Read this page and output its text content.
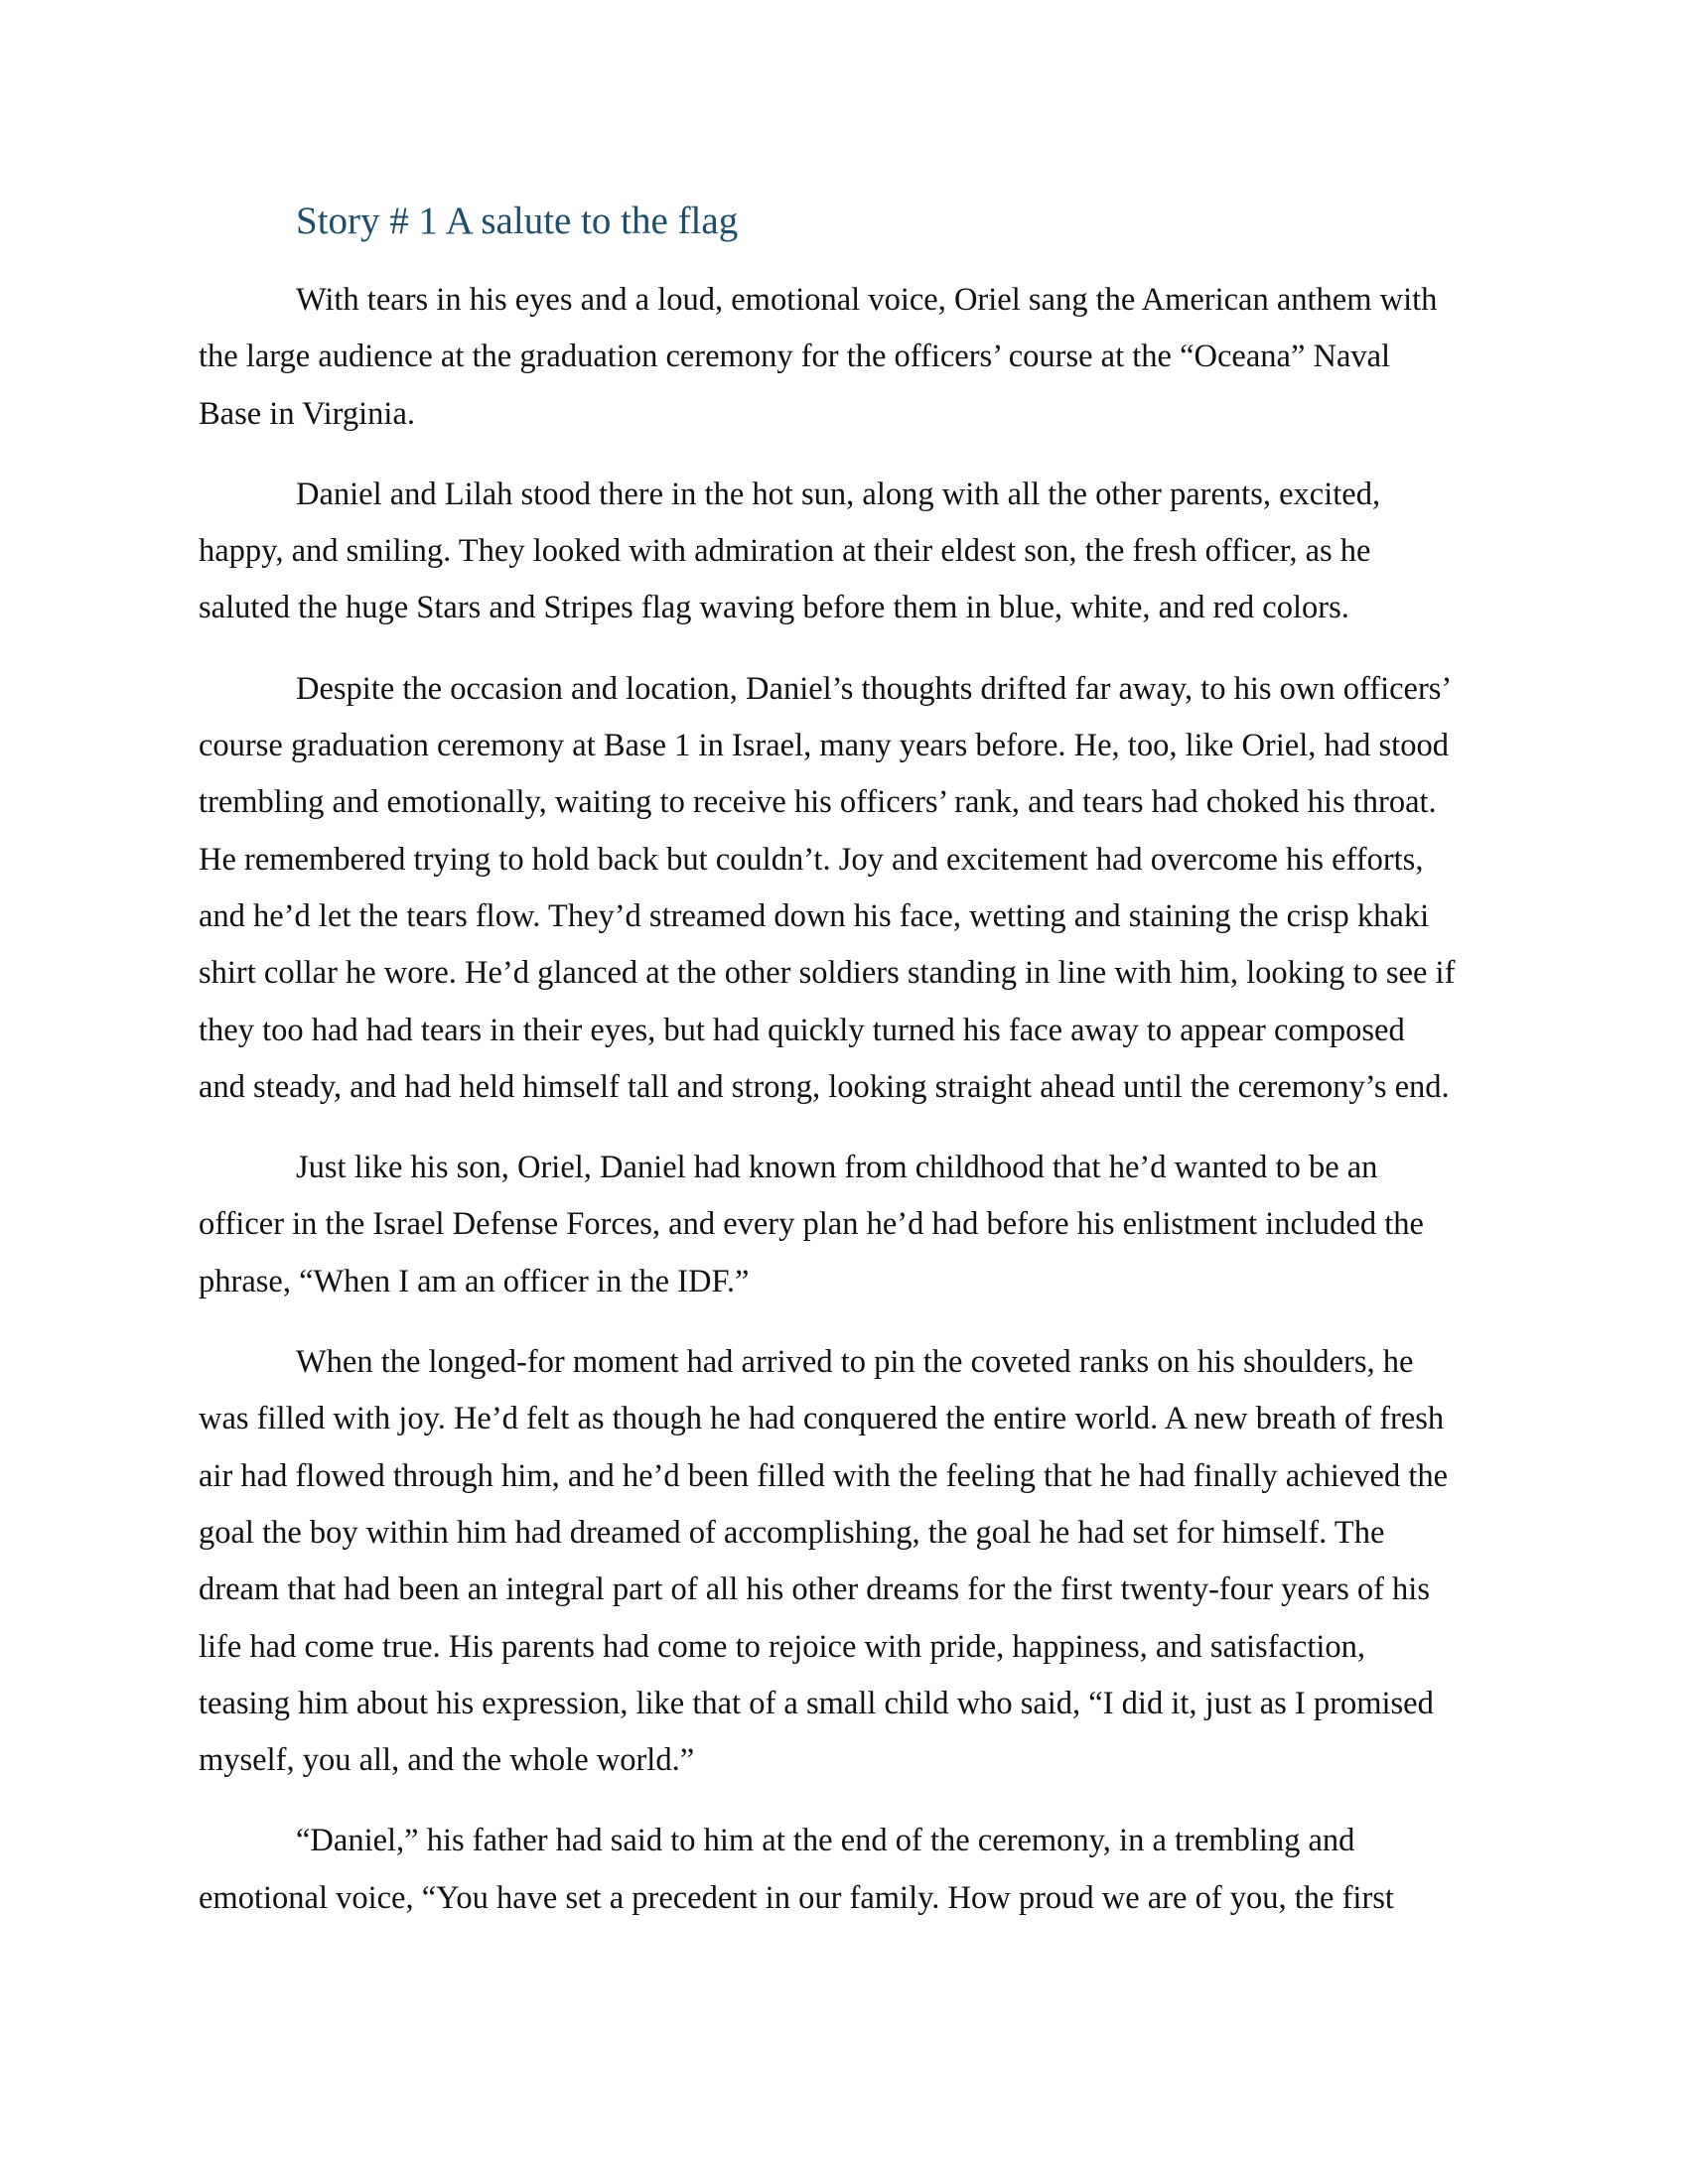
Story # 1 A salute to the flag

With tears in his eyes and a loud, emotional voice, Oriel sang the American anthem with
the large audience at the graduation ceremony for the officers’ course at the “Oceana” Naval
Base in Virginia.

Daniel and Lilah stood there in the hot sun, along with all the other parents, excited,
happy, and smiling. They looked with admiration at their eldest son, the fresh officer, as he
saluted the huge Stars and Stripes flag waving before them in blue, white, and red colors.

Despite the occasion and location, Daniel’s thoughts drifted far away, to his own officers’
course graduation ceremony at Base 1 in Israel, many years before. He, too, like Oriel, had stood
trembling and emotionally, waiting to receive his officers’ rank, and tears had choked his throat.
He remembered trying to hold back but couldn’t. Joy and excitement had overcome his efforts,
and he’d let the tears flow. They’d streamed down his face, wetting and staining the crisp khaki
shirt collar he wore. He’d glanced at the other soldiers standing in line with him, looking to see if
they too had had tears in their eyes, but had quickly turned his face away to appear composed
and steady, and had held himself tall and strong, looking straight ahead until the ceremony’s end.

Just like his son, Oriel, Daniel had known from childhood that he’d wanted to be an
officer in the Israel Defense Forces, and every plan he’d had before his enlistment included the
phrase, “When I am an officer in the IDF.”

When the longed-for moment had arrived to pin the coveted ranks on his shoulders, he
was filled with joy. He’d felt as though he had conquered the entire world. A new breath of fresh
air had flowed through him, and he’d been filled with the feeling that he had finally achieved the
goal the boy within him had dreamed of accomplishing, the goal he had set for himself. The
dream that had been an integral part of all his other dreams for the first twenty-four years of his
life had come true. His parents had come to rejoice with pride, happiness, and satisfaction,
teasing him about his expression, like that of a small child who said, “I did it, just as I promised
myself, you all, and the whole world.”

“Daniel,” his father had said to him at the end of the ceremony, in a trembling and
emotional voice, “You have set a precedent in our family. How proud we are of you, the first
